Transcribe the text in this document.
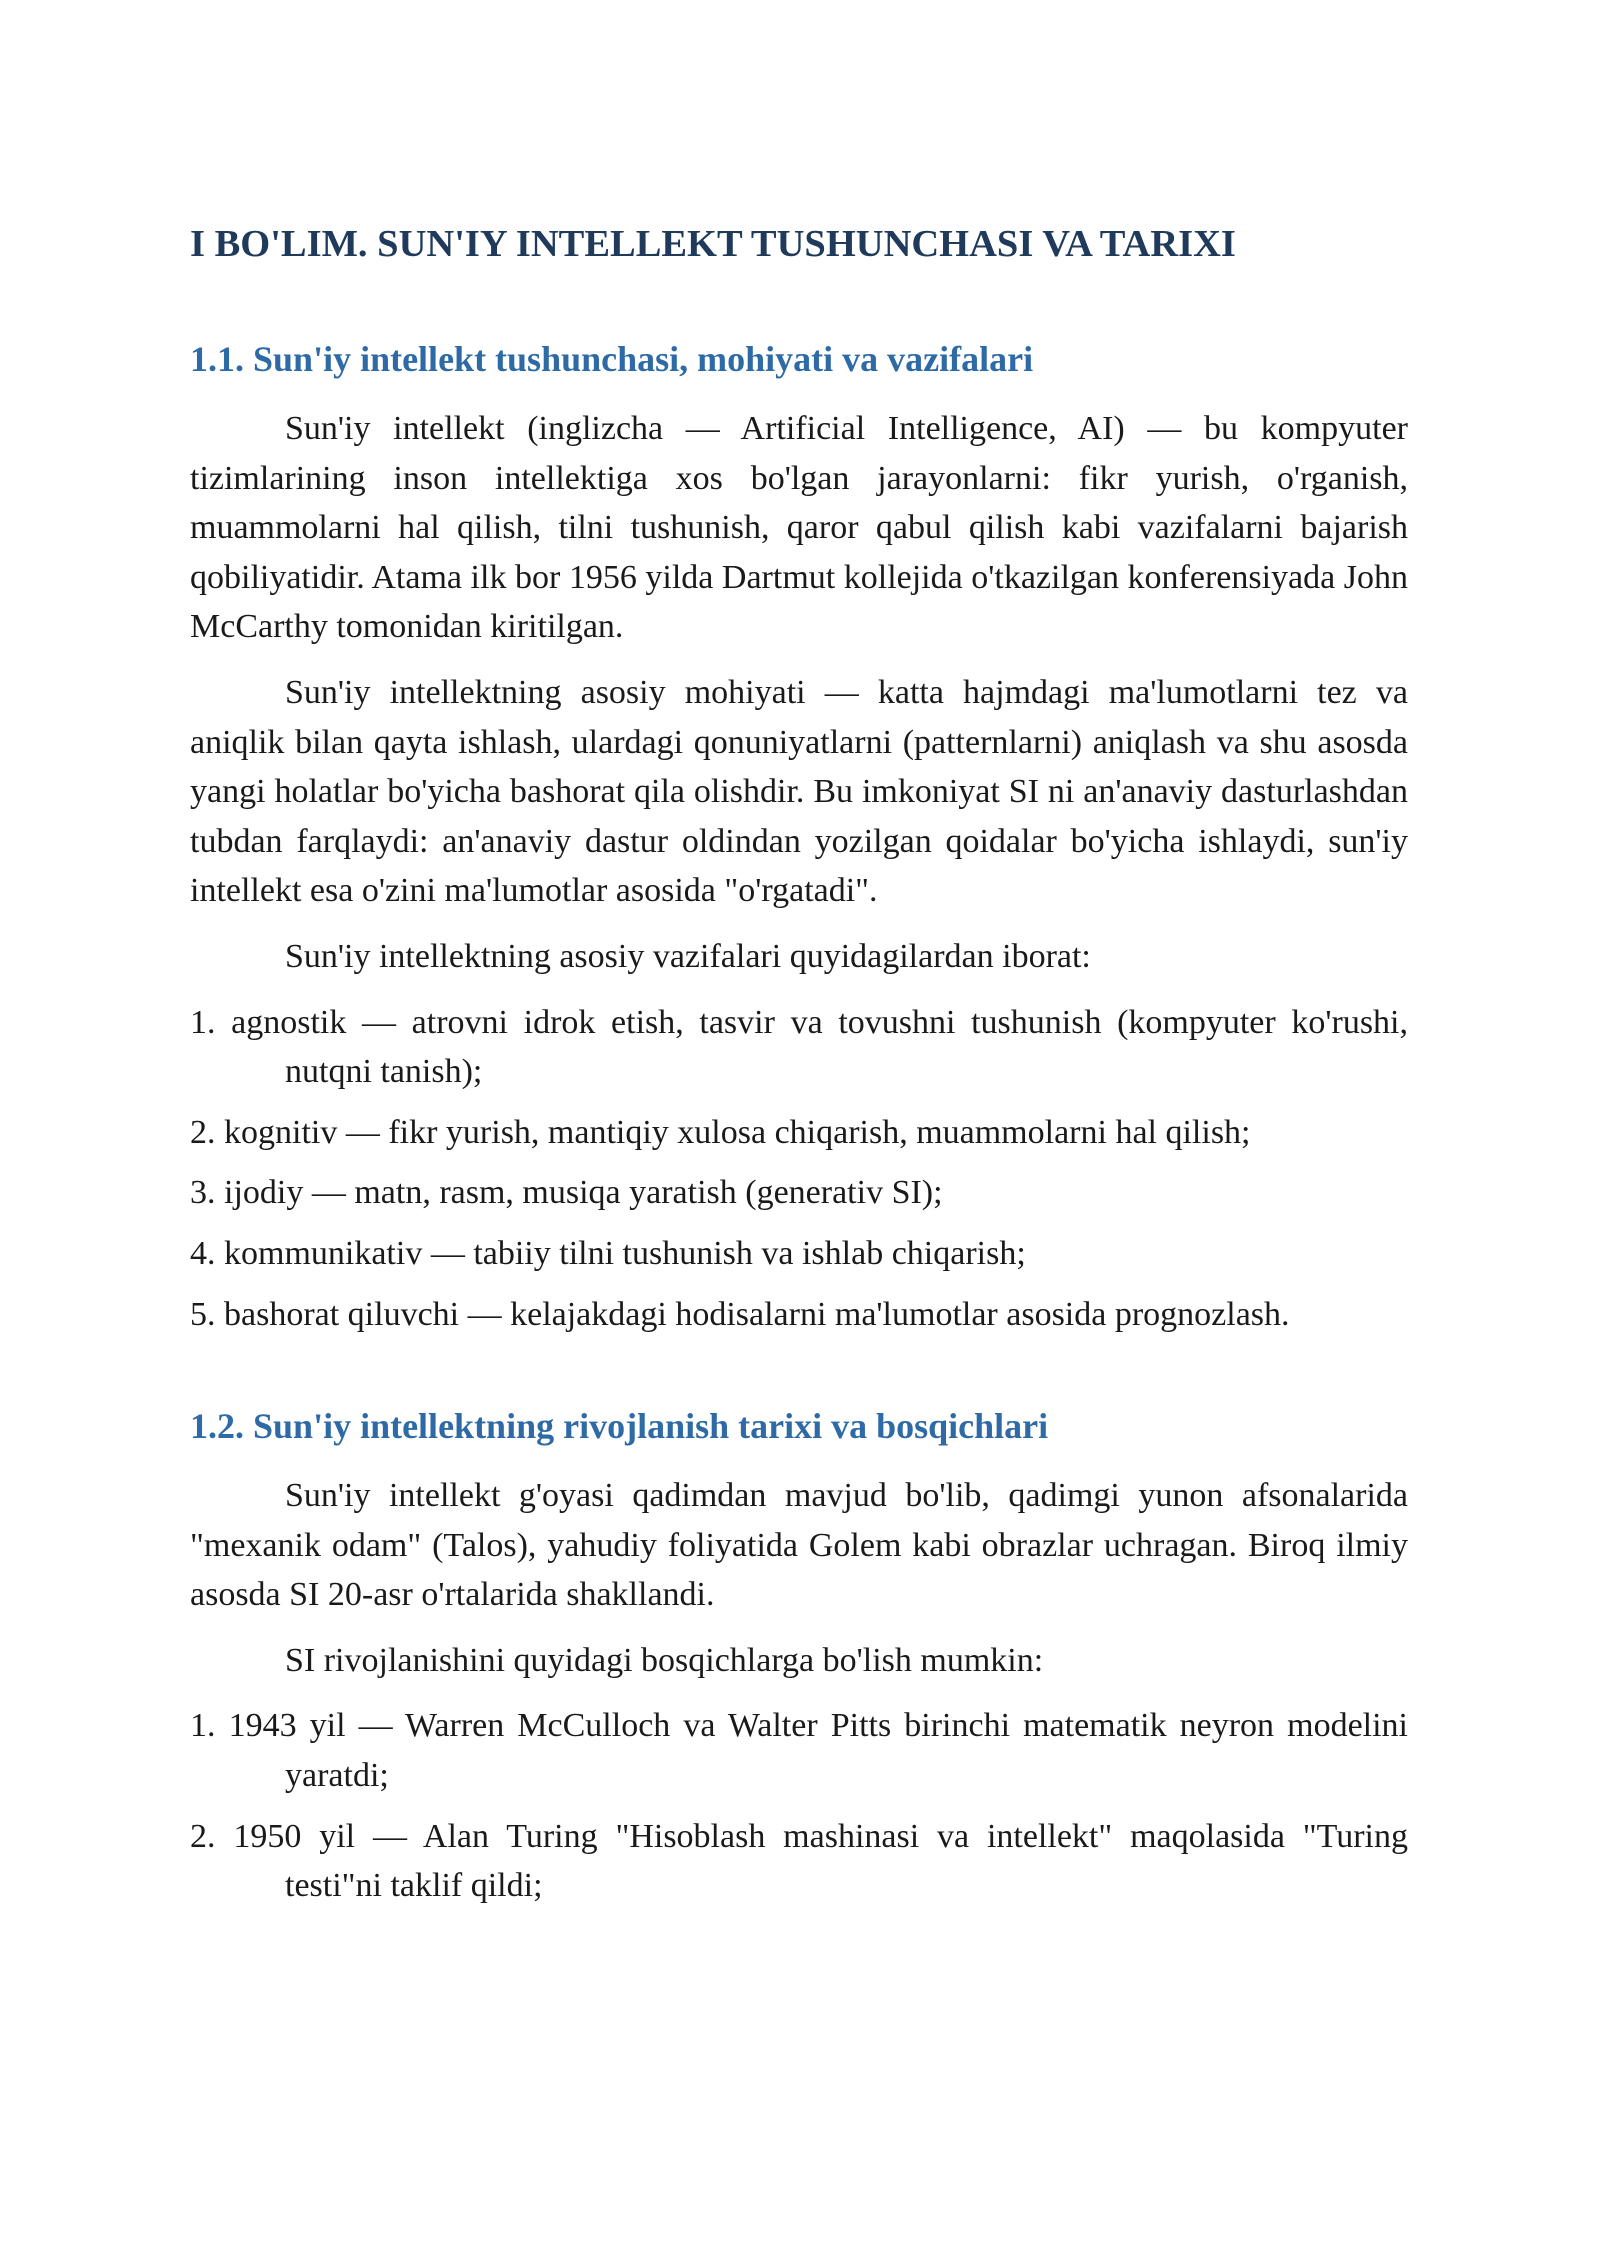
I BO'LIM. SUN'IY INTELLEKT TUSHUNCHASI VA TARIXI
1.1. Sun'iy intellekt tushunchasi, mohiyati va vazifalari

Sun'iy intellekt (inglizcha — Artificial Intelligence, AI) — bu kompyuter tizimlarining inson intellektiga xos bo'lgan jarayonlarni: fikr yurish, o'rganish, muammolarni hal qilish, tilni tushunish, qaror qabul qilish kabi vazifalarni bajarish qobiliyatidir. Atama ilk bor 1956 yilda Dartmut kollejida o'tkazilgan konferensiyada John McCarthy tomonidan kiritilgan.

Sun'iy intellektning asosiy mohiyati — katta hajmdagi ma'lumotlarni tez va aniqlik bilan qayta ishlash, ulardagi qonuniyatlarni (patternlarni) aniqlash va shu asosda yangi holatlar bo'yicha bashorat qila olishdir. Bu imkoniyat SI ni an'anaviy dasturlashdan tubdan farqlaydi: an'anaviy dastur oldindan yozilgan qoidalar bo'yicha ishlaydi, sun'iy intellekt esa o'zini ma'lumotlar asosida "o'rgatadi".

Sun'iy intellektning asosiy vazifalari quyidagilardan iborat:

1. agnostik — atrovni idrok etish, tasvir va tovushni tushunish (kompyuter ko'rushi, nutqni tanish);
2. kognitiv — fikr yurish, mantiqiy xulosa chiqarish, muammolarni hal qilish;
3. ijodiy — matn, rasm, musiqa yaratish (generativ SI);
4. kommunikativ — tabiiy tilni tushunish va ishlab chiqarish;
5. bashorat qiluvchi — kelajakdagi hodisalarni ma'lumotlar asosida prognozlash.
1.2. Sun'iy intellektning rivojlanish tarixi va bosqichlari

Sun'iy intellekt g'oyasi qadimdan mavjud bo'lib, qadimgi yunon afsonalarida "mexanik odam" (Talos), yahudiy foliyatida Golem kabi obrazlar uchragan. Biroq ilmiy asosda SI 20-asr o'rtalarida shakllandi.

SI rivojlanishini quyidagi bosqichlarga bo'lish mumkin:

1. 1943 yil — Warren McCulloch va Walter Pitts birinchi matematik neyron modelini yaratdi;
2. 1950 yil — Alan Turing "Hisoblash mashinasi va intellekt" maqolasida "Turing testi"ni taklif qildi;
